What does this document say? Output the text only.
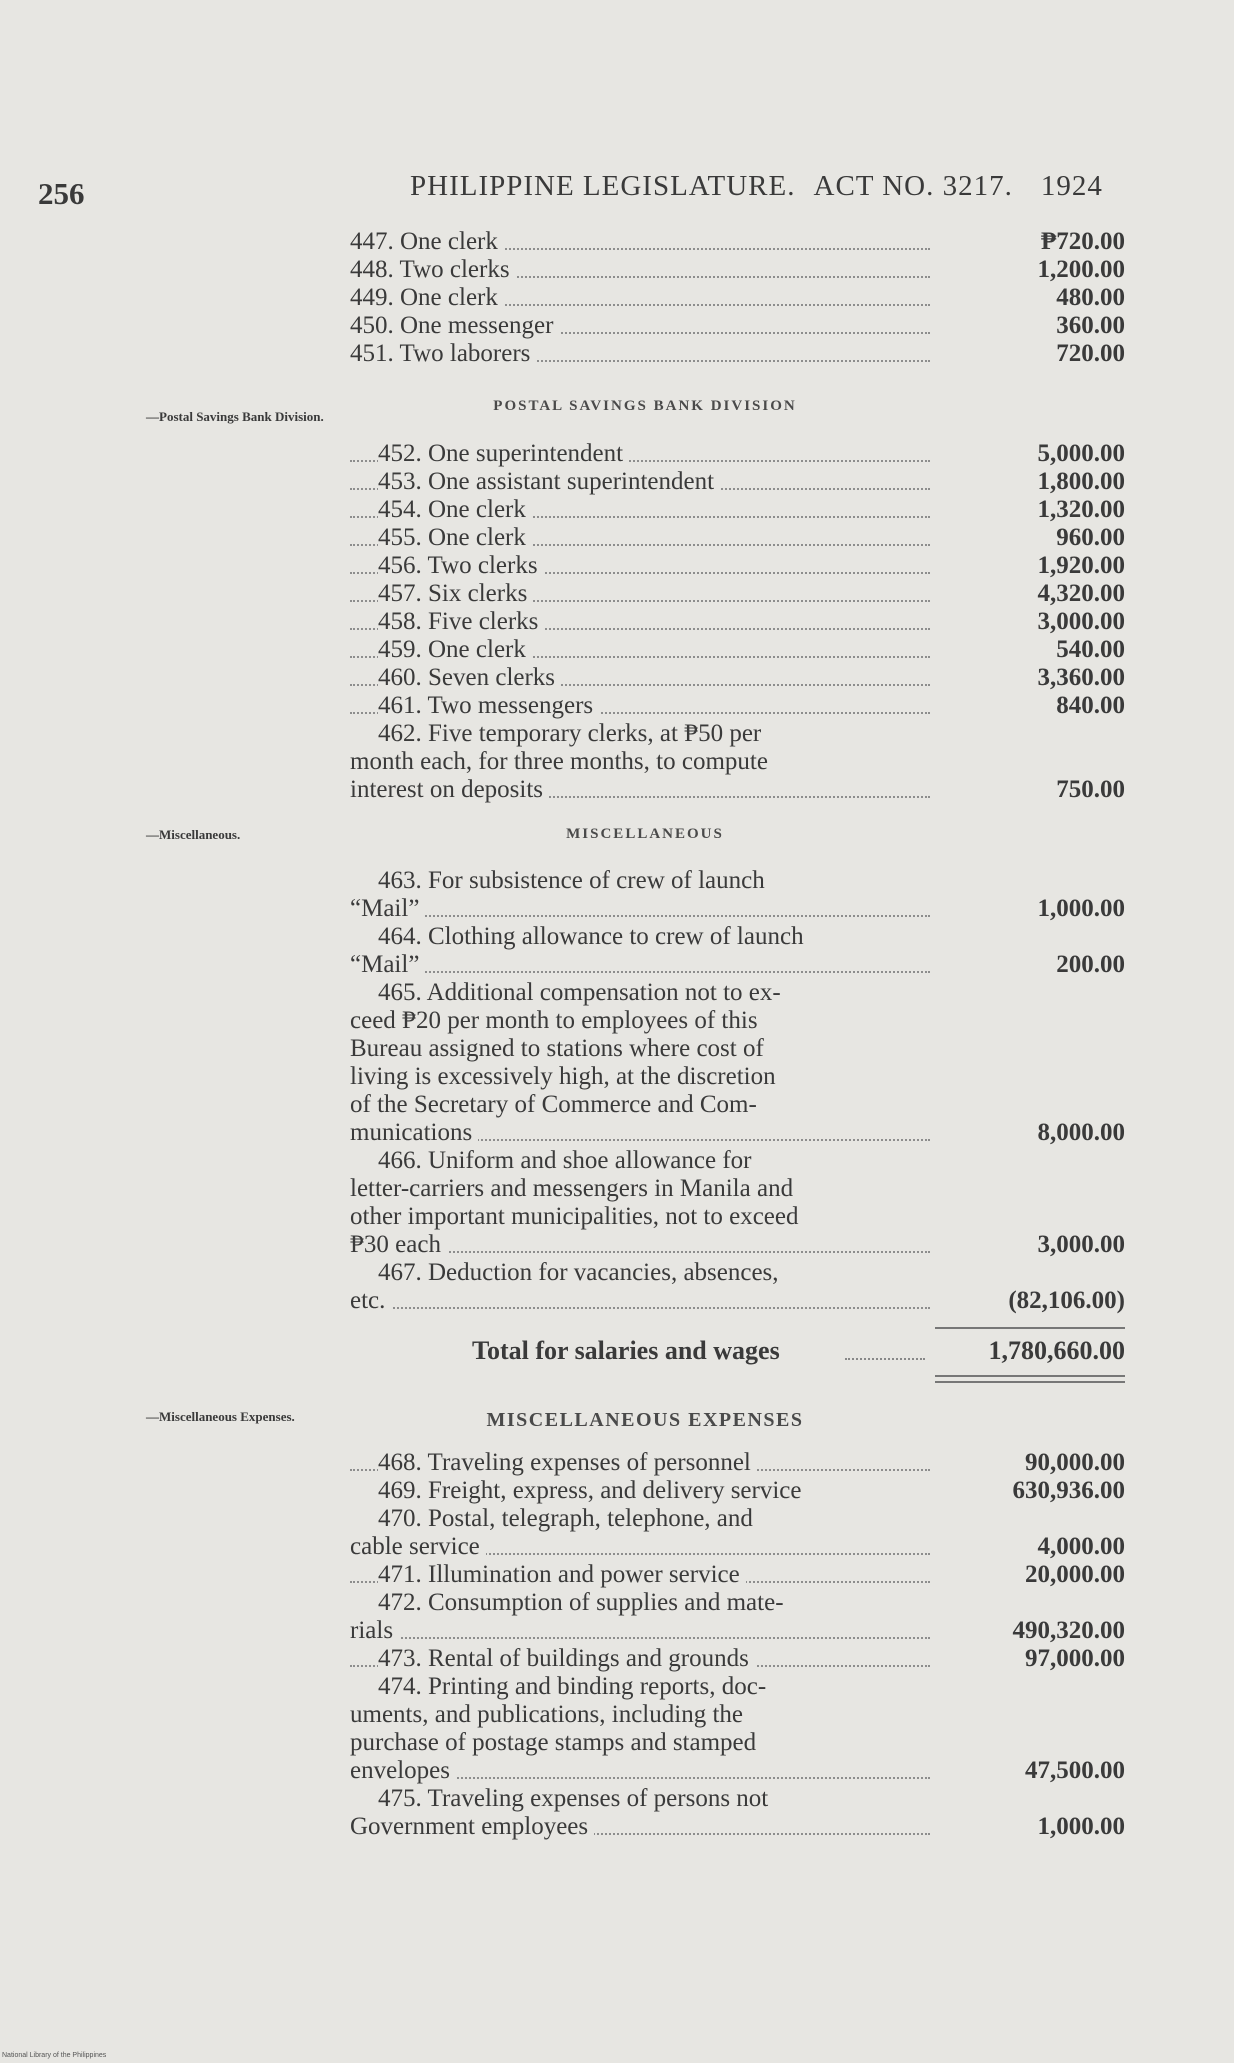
256	PHILIPPINE LEGISLATURE. ACT NO. 3217. 1924
447. One clerk	₱720.00
448. Two clerks	1,200.00
449. One clerk	480.00
450. One messenger	360.00
451. Two laborers	720.00
—Postal Savings Bank Division.
POSTAL SAVINGS BANK DIVISION
452. One superintendent	5,000.00
453. One assistant superintendent	1,800.00
454. One clerk	1,320.00
455. One clerk	960.00
456. Two clerks	1,920.00
457. Six clerks	4,320.00
458. Five clerks	3,000.00
459. One clerk	540.00
460. Seven clerks	3,360.00
461. Two messengers	840.00
462. Five temporary clerks, at ₱50 per
month each, for three months, to compute
interest on deposits	750.00
—Miscellaneous.	MISCELLANEOUS
463. For subsistence of crew of launch
“Mail”	1,000.00
464. Clothing allowance to crew of launch
“Mail”	200.00
465. Additional compensation not to ex-
ceed ₱20 per month to employees of this
Bureau assigned to stations where cost of
living is excessively high, at the discretion
of the Secretary of Commerce and Com-
munications	8,000.00
466. Uniform and shoe allowance for
letter-carriers and messengers in Manila and
other important municipalities, not to exceed
₱30 each	3,000.00
467. Deduction for vacancies, absences,
etc.	(82,106.00)
Total for salaries and wages	1,780,660.00
—Miscellaneous Expenses.	MISCELLANEOUS EXPENSES
468. Traveling expenses of personnel	90,000.00
469. Freight, express, and delivery service	630,936.00
470. Postal, telegraph, telephone, and
cable service	4,000.00
471. Illumination and power service	20,000.00
472. Consumption of supplies and mate-
rials	490,320.00
473. Rental of buildings and grounds	97,000.00
474. Printing and binding reports, doc-
uments, and publications, including the
purchase of postage stamps and stamped
envelopes	47,500.00
475. Traveling expenses of persons not
Government employees	1,000.00
National Library of the Philippines
